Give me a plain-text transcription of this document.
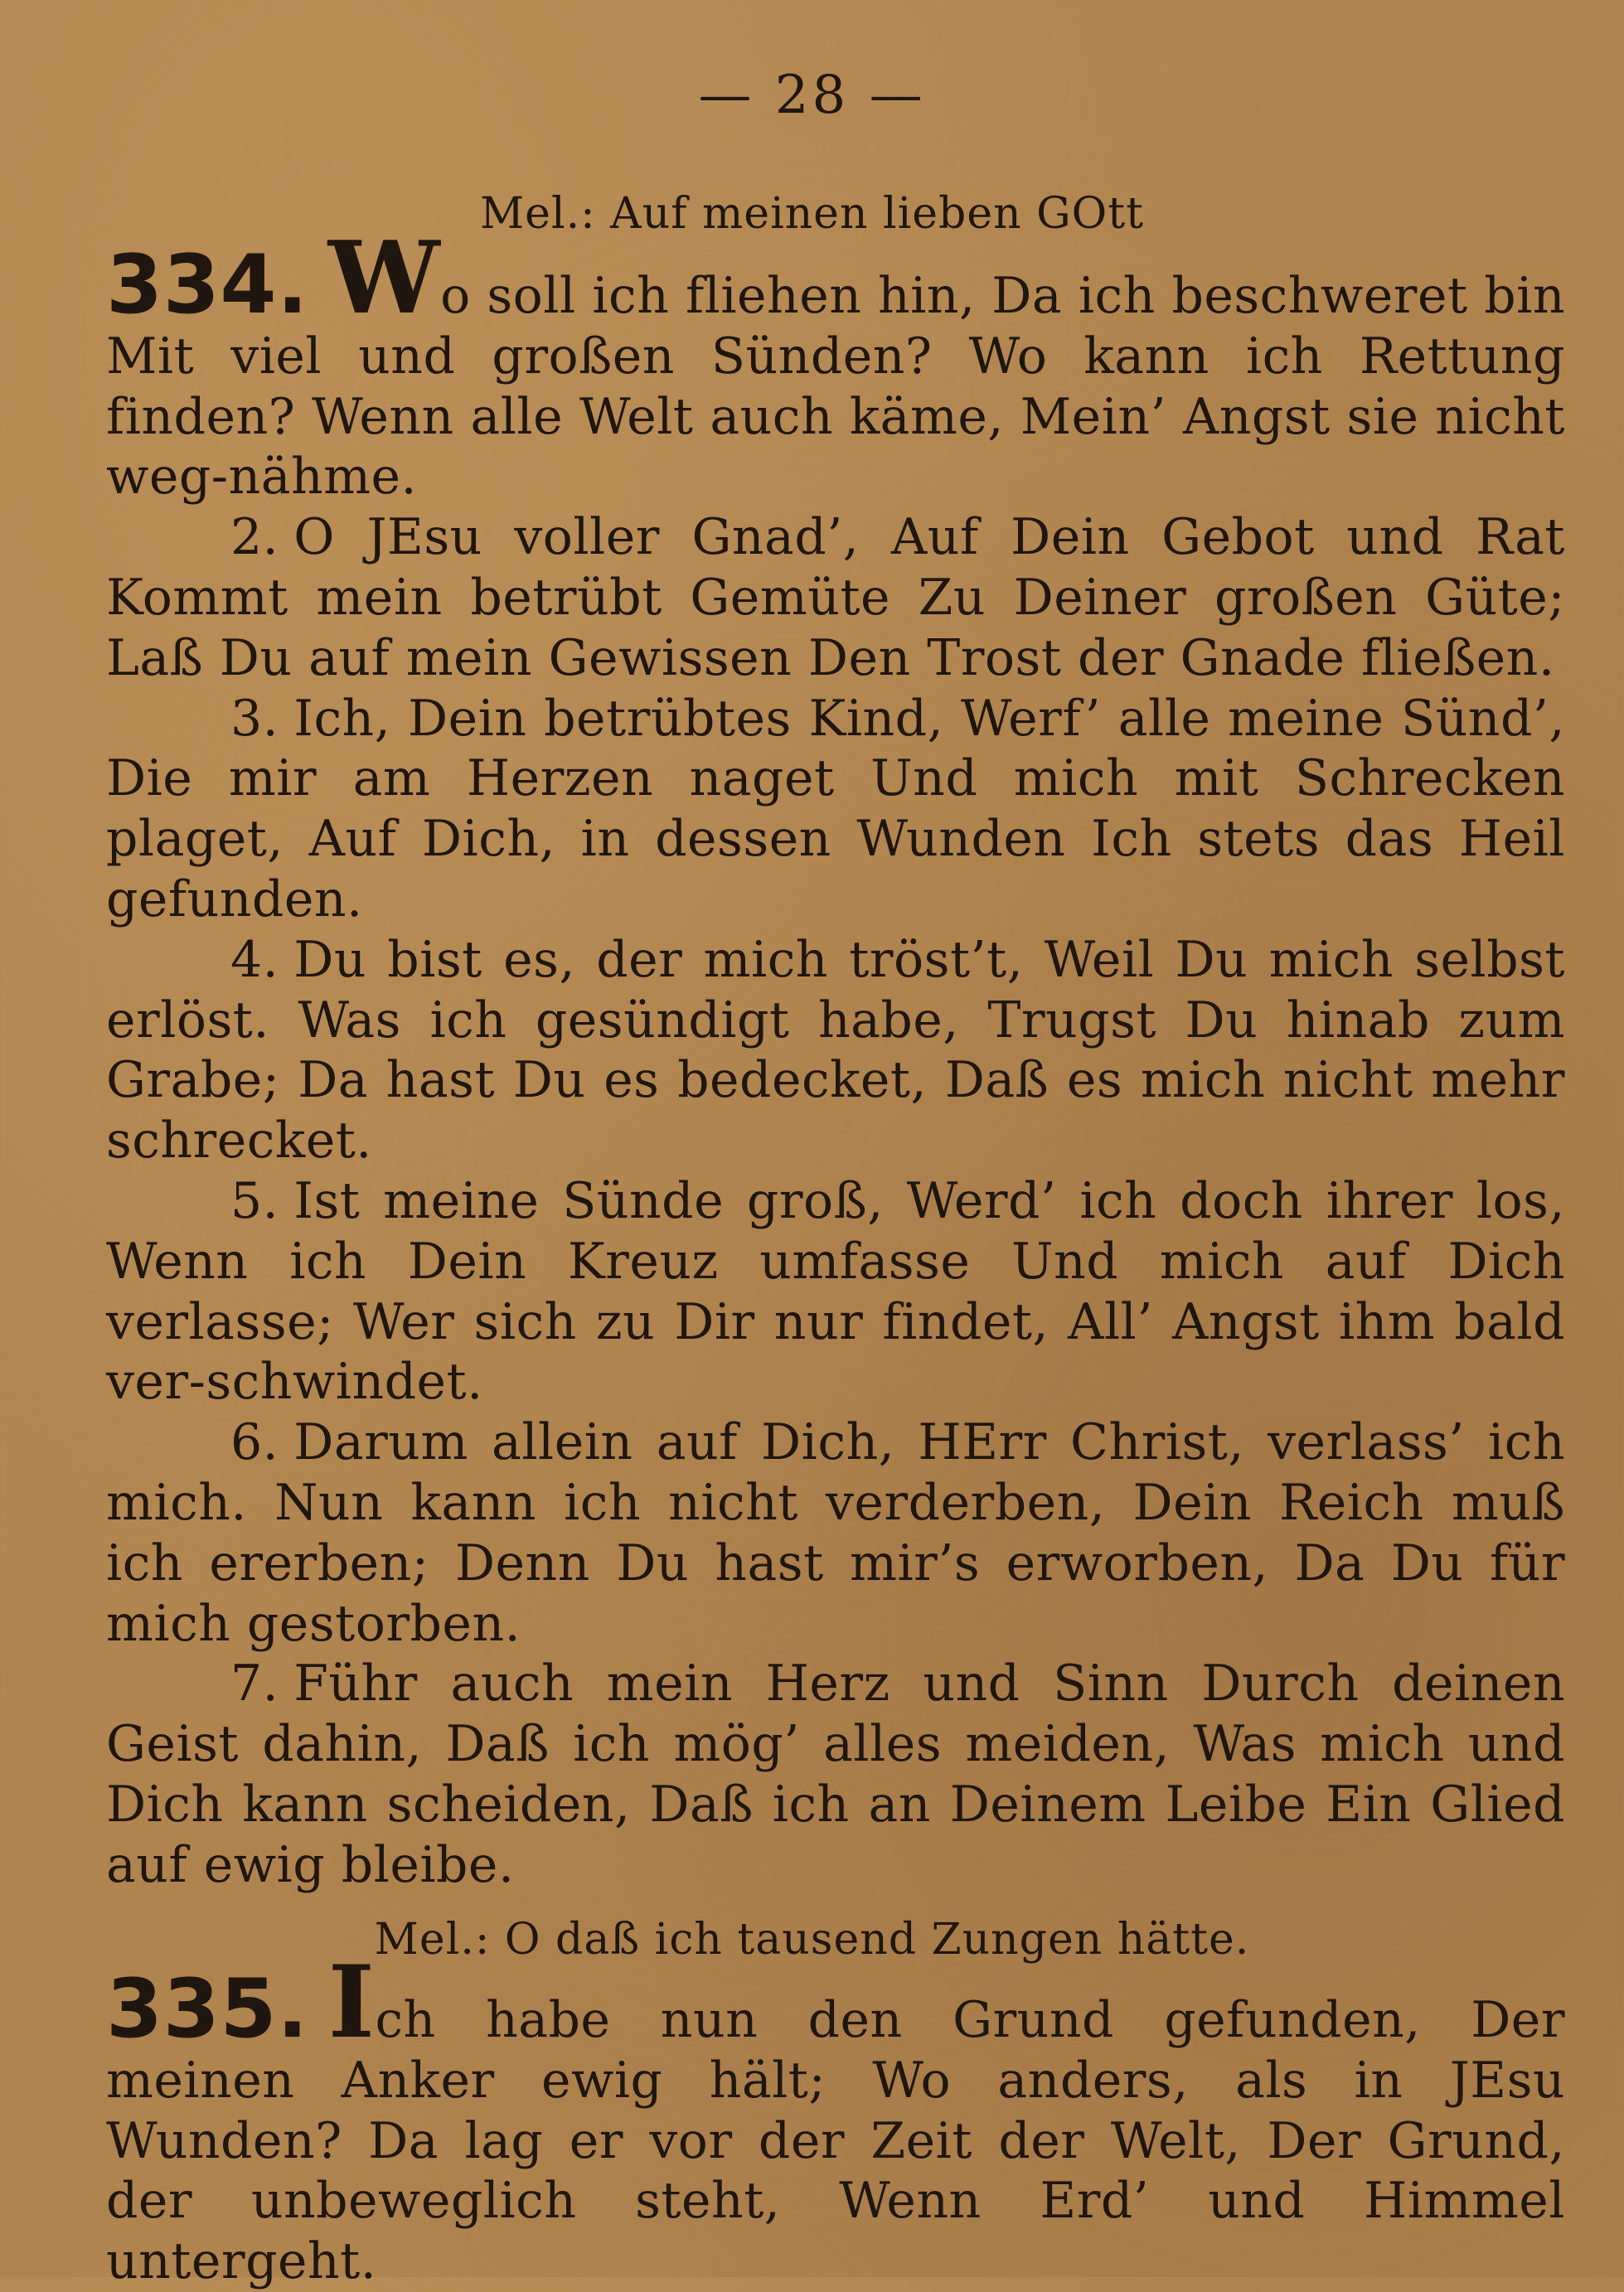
— 28 —
Mel.: Auf meinen lieben GOtt

334. Wo soll ich fliehen hin, Da ich beschweret bin Mit viel und großen Sünden? Wo kann ich Rettung finden? Wenn alle Welt auch käme, Mein’ Angst sie nicht weg-nähme.

2. O JEsu voller Gnad’, Auf Dein Gebot und Rat Kommt mein betrübt Gemüte Zu Deiner großen Güte; Laß Du auf mein Gewissen Den Trost der Gnade fließen.

3. Ich, Dein betrübtes Kind, Werf’ alle meine Sünd’, Die mir am Herzen naget Und mich mit Schrecken plaget, Auf Dich, in dessen Wunden Ich stets das Heil gefunden.

4. Du bist es, der mich tröst’t, Weil Du mich selbst erlöst. Was ich gesündigt habe, Trugst Du hinab zum Grabe; Da hast Du es bedecket, Daß es mich nicht mehr schrecket.

5. Ist meine Sünde groß, Werd’ ich doch ihrer los, Wenn ich Dein Kreuz umfasse Und mich auf Dich verlasse; Wer sich zu Dir nur findet, All’ Angst ihm bald ver-schwindet.

6. Darum allein auf Dich, HErr Christ, verlass’ ich mich. Nun kann ich nicht verderben, Dein Reich muß ich ererben; Denn Du hast mir’s erworben, Da Du für mich gestorben.

7. Führ auch mein Herz und Sinn Durch deinen Geist dahin, Daß ich mög’ alles meiden, Was mich und Dich kann scheiden, Daß ich an Deinem Leibe Ein Glied auf ewig bleibe.

Mel.: O daß ich tausend Zungen hätte.

335. Ich habe nun den Grund gefunden, Der meinen Anker ewig hält; Wo anders, als in JEsu Wunden? Da lag er vor der Zeit der Welt, Der Grund, der unbeweglich steht, Wenn Erd’ und Himmel untergeht.
